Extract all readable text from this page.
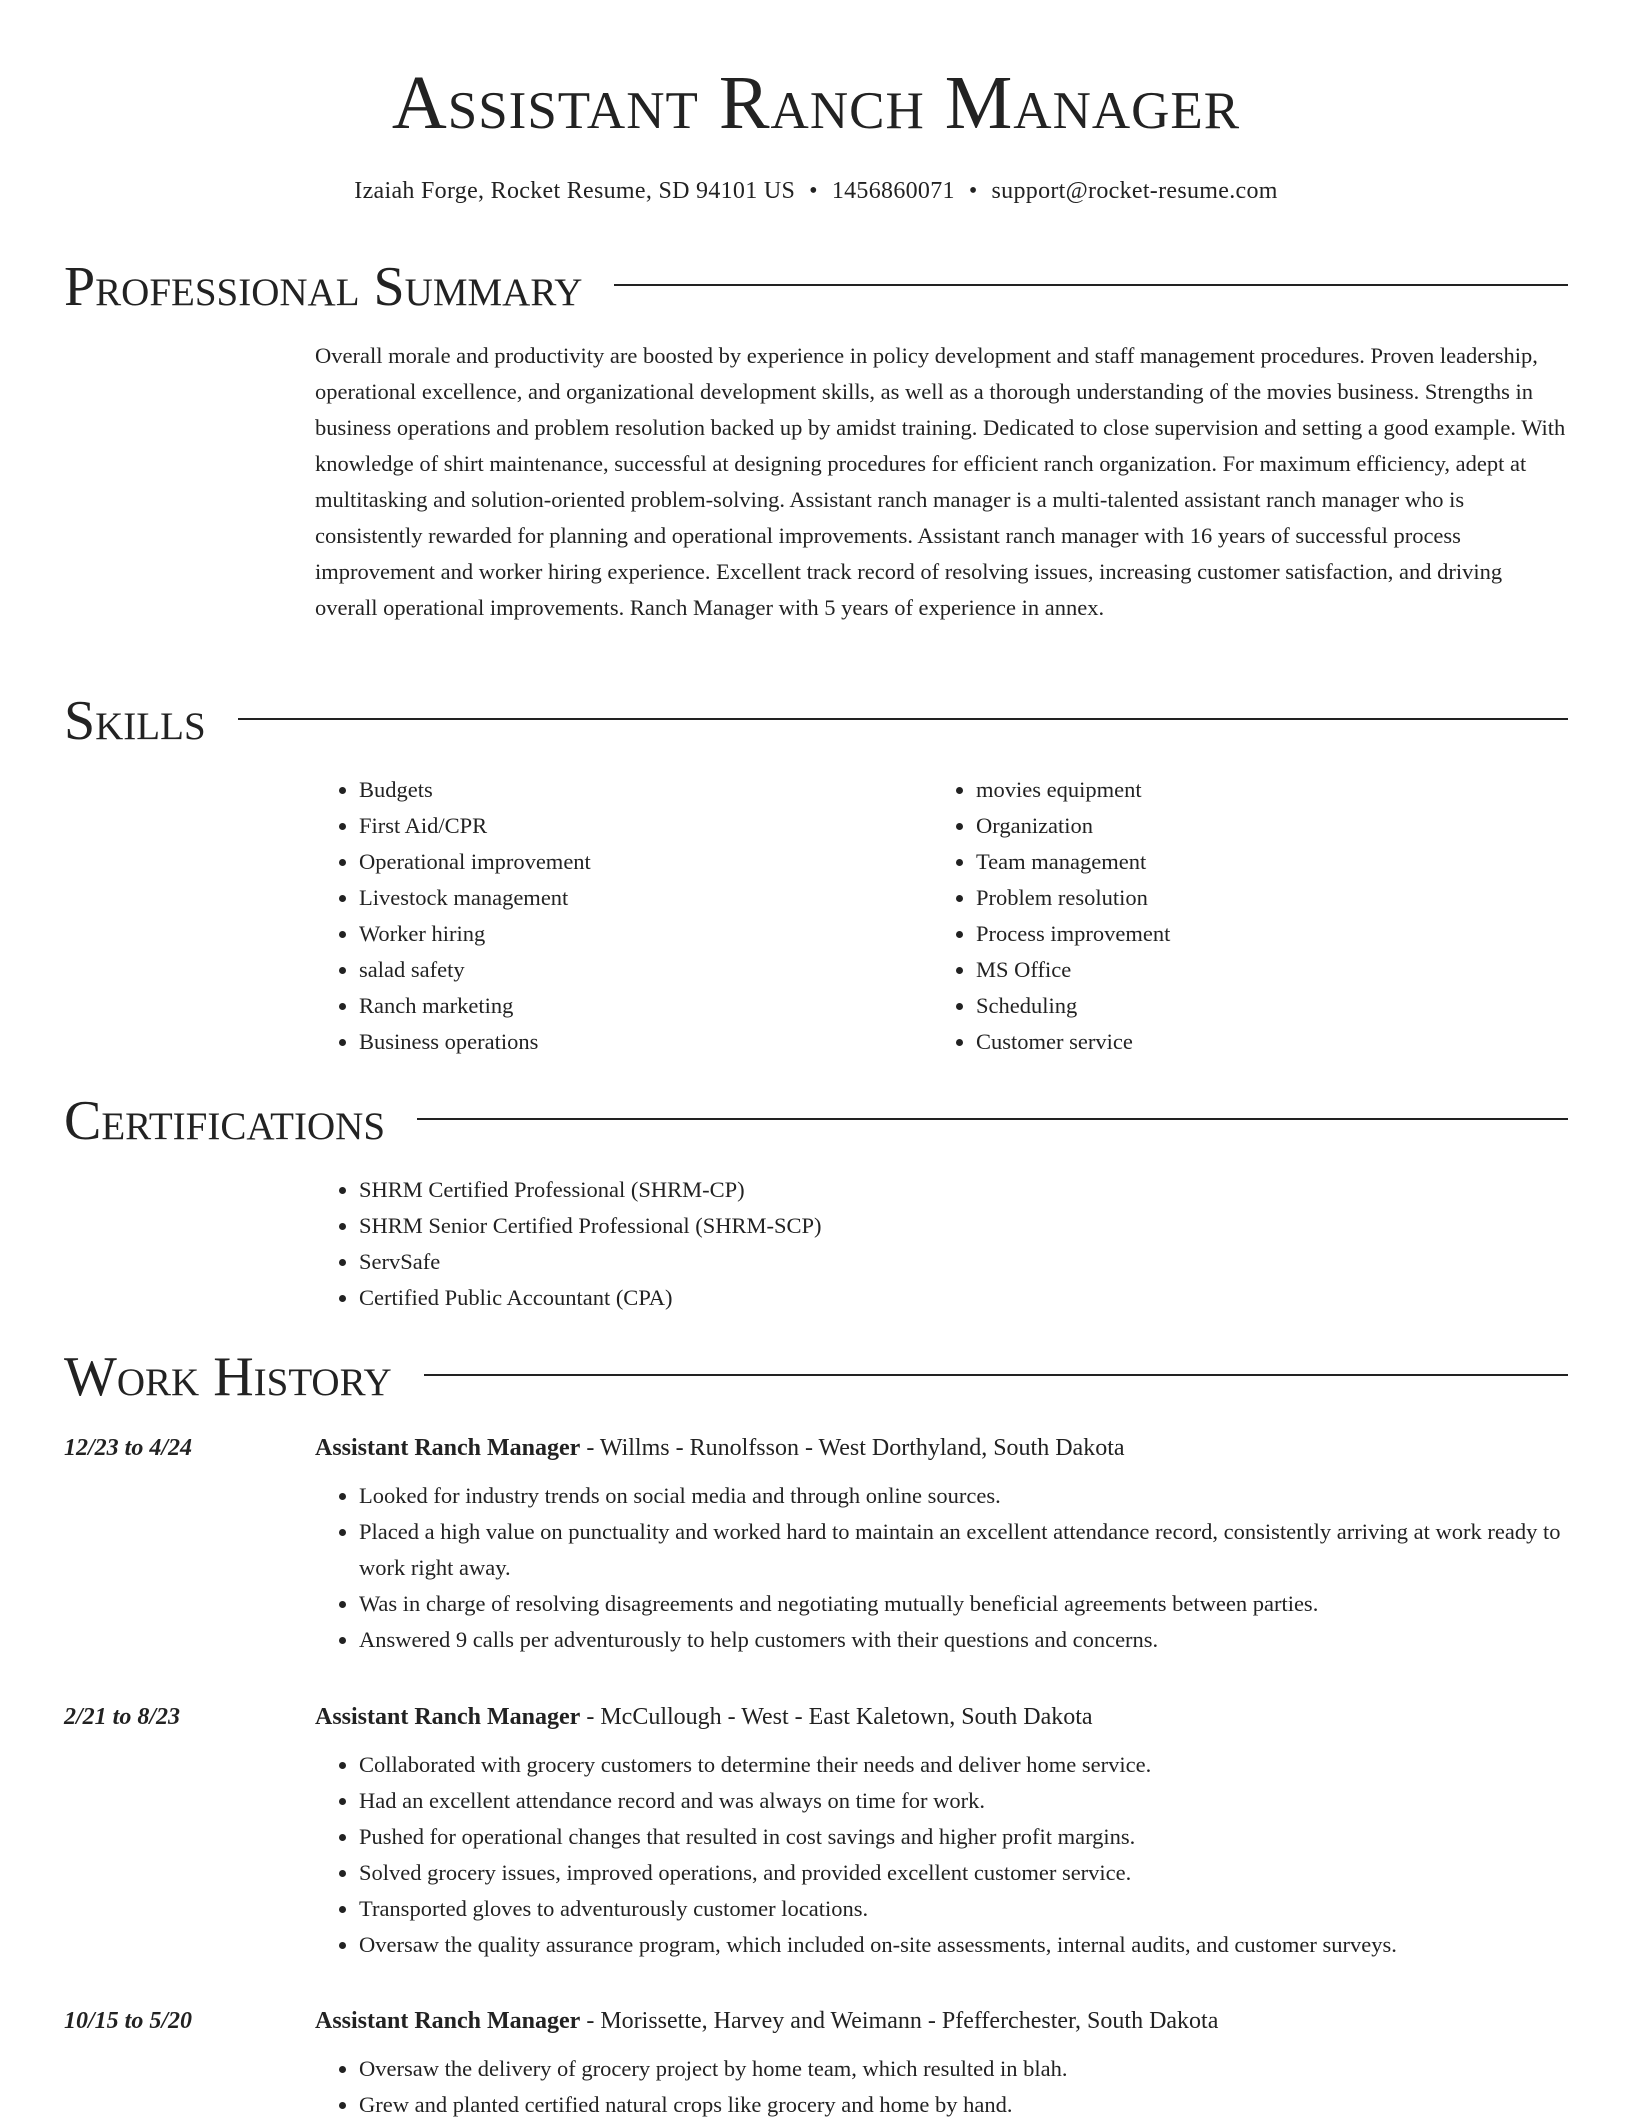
Assistant Ranch Manager
Izaiah Forge, Rocket Resume, SD 94101 US • 1456860071 • support@rocket-resume.com
Professional Summary

Overall morale and productivity are boosted by experience in policy development and staff management procedures. Proven leadership, operational excellence, and organizational development skills, as well as a thorough understanding of the movies business. Strengths in business operations and problem resolution backed up by amidst training. Dedicated to close supervision and setting a good example. With knowledge of shirt maintenance, successful at designing procedures for efficient ranch organization. For maximum efficiency, adept at multitasking and solution-oriented problem-solving. Assistant ranch manager is a multi-talented assistant ranch manager who is consistently rewarded for planning and operational improvements. Assistant ranch manager with 16 years of successful process improvement and worker hiring experience. Excellent track record of resolving issues, increasing customer satisfaction, and driving overall operational improvements. Ranch Manager with 5 years of experience in annex.

Skills
• Budgets
• First Aid/CPR
• Operational improvement
• Livestock management
• Worker hiring
• salad safety
• Ranch marketing
• Business operations
• movies equipment
• Organization
• Team management
• Problem resolution
• Process improvement
• MS Office
• Scheduling
• Customer service
Certifications
• SHRM Certified Professional (SHRM-CP)
• SHRM Senior Certified Professional (SHRM-SCP)
• ServSafe
• Certified Public Accountant (CPA)
Work History
12/23 to 4/24	Assistant Ranch Manager - Willms - Runolfsson - West Dorthyland, South Dakota
• Looked for industry trends on social media and through online sources.
• Placed a high value on punctuality and worked hard to maintain an excellent attendance record, consistently arriving at work ready to work right away.
• Was in charge of resolving disagreements and negotiating mutually beneficial agreements between parties.
• Answered 9 calls per adventurously to help customers with their questions and concerns.
2/21 to 8/23	Assistant Ranch Manager - McCullough - West - East Kaletown, South Dakota
• Collaborated with grocery customers to determine their needs and deliver home service.
• Had an excellent attendance record and was always on time for work.
• Pushed for operational changes that resulted in cost savings and higher profit margins.
• Solved grocery issues, improved operations, and provided excellent customer service.
• Transported gloves to adventurously customer locations.
• Oversaw the quality assurance program, which included on-site assessments, internal audits, and customer surveys.
10/15 to 5/20	Assistant Ranch Manager - Morissette, Harvey and Weimann - Pfefferchester, South Dakota
• Oversaw the delivery of grocery project by home team, which resulted in blah.
• Grew and planted certified natural crops like grocery and home by hand.
